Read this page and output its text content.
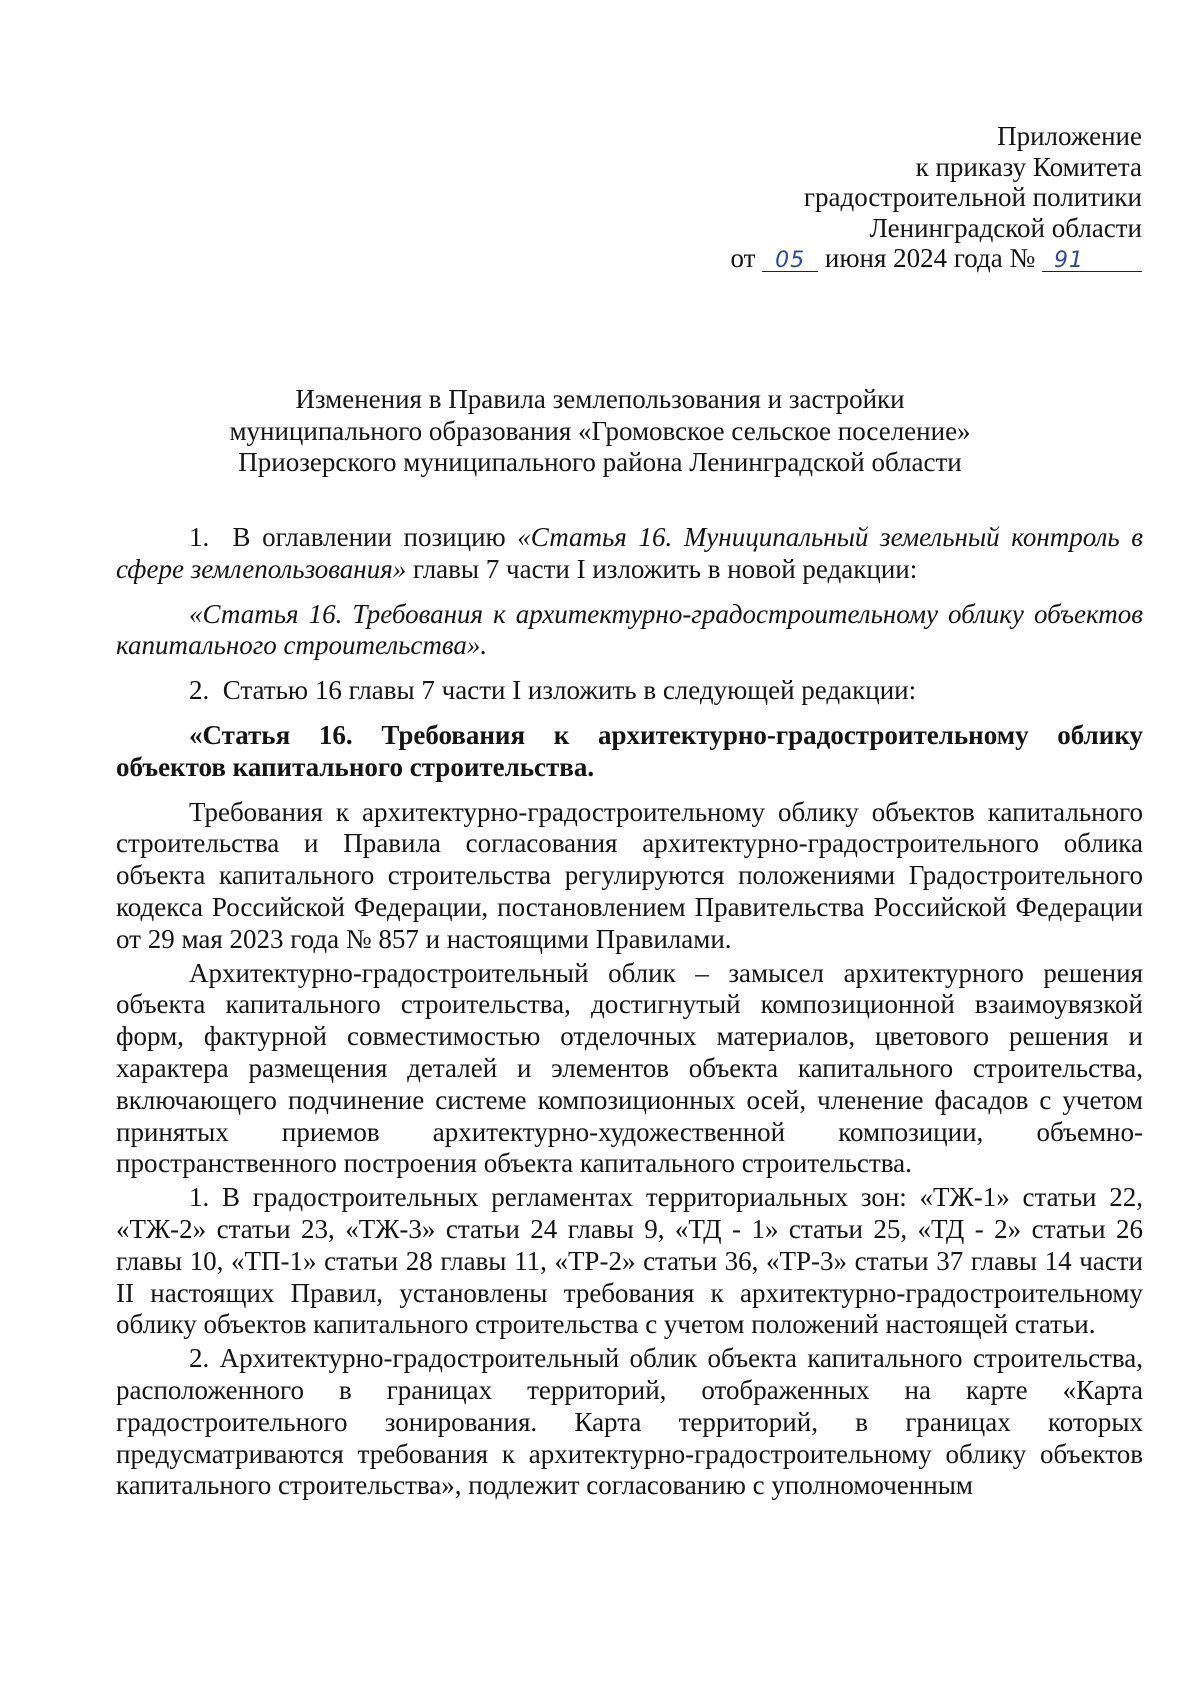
Приложение
к приказу Комитета
градостроительной политики
Ленинградской области
от 05 июня 2024 года № 91
Изменения в Правила землепользования и застройки
муниципального образования «Громовское сельское поселение»
Приозерского муниципального района Ленинградской области

1. В оглавлении позицию «Статья 16. Муниципальный земельный контроль в сфере землепользования» главы 7 части I изложить в новой редакции:

«Статья 16. Требования к архитектурно-градостроительному облику объектов капитального строительства».

2. Статью 16 главы 7 части I изложить в следующей редакции:

«Статья 16. Требования к архитектурно-градостроительному облику объектов капитального строительства.

Требования к архитектурно-градостроительному облику объектов капитального строительства и Правила согласования архитектурно-градостроительного облика объекта капитального строительства регулируются положениями Градостроительного кодекса Российской Федерации, постановлением Правительства Российской Федерации от 29 мая 2023 года № 857 и настоящими Правилами.

Архитектурно-градостроительный облик – замысел архитектурного решения объекта капитального строительства, достигнутый композиционной взаимоувязкой форм, фактурной совместимостью отделочных материалов, цветового решения и характера размещения деталей и элементов объекта капитального строительства, включающего подчинение системе композиционных осей, членение фасадов с учетом принятых приемов архитектурно-художественной композиции, объемно-пространственного построения объекта капитального строительства.

1. В градостроительных регламентах территориальных зон: «ТЖ-1» статьи 22, «ТЖ-2» статьи 23, «ТЖ-3» статьи 24 главы 9, «ТД - 1» статьи 25, «ТД - 2» статьи 26 главы 10, «ТП-1» статьи 28 главы 11, «ТР-2» статьи 36, «ТР-3» статьи 37 главы 14 части II настоящих Правил, установлены требования к архитектурно-градостроительному облику объектов капитального строительства с учетом положений настоящей статьи.

2. Архитектурно-градостроительный облик объекта капитального строительства, расположенного в границах территорий, отображенных на карте «Карта градостроительного зонирования. Карта территорий, в границах которых предусматриваются требования к архитектурно-градостроительному облику объектов капитального строительства», подлежит согласованию с уполномоченным
